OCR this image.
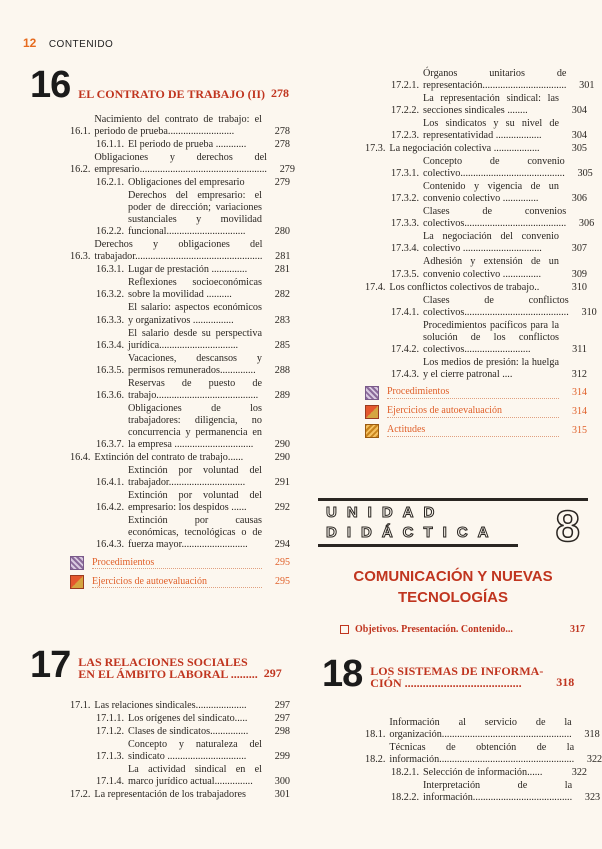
12 CONTENIDO
16 EL CONTRATO DE TRABAJO (II) 278
16.1.
Nacimiento del contrato de trabajo: el periodo de prueba..........................	278
16.1.1. El periodo de prueba ............	278
16.2.
Obligaciones y derechos del empresario..................................................	279
16.2.1. Obligaciones del empresario	279
16.2.2.
Derechos del empresario: el poder de dirección; variaciones sustanciales y movilidad funcional...............................	280
16.3.
Derechos y obligaciones del trabajador..................................................	281
16.3.1. Lugar de prestación ..............	281
16.3.2.
Reflexiones socioeconómicas sobre la movilidad ..........	282
16.3.3.
El salario: aspectos económicos y organizativos ................	283
16.3.4.
El salario desde su perspectiva jurídica...............................	285
16.3.5.
Vacaciones, descansos y permisos remunerados..............	288
16.3.6.
Reservas de puesto de trabajo........................................	289
16.3.7.
Obligaciones de los trabajadores: diligencia, no concurrencia y permanencia en la empresa ...............................	290
16.4. Extinción del contrato de trabajo......	290
16.4.1.
Extinción por voluntad del trabajador..............................	291
16.4.2.
Extinción por voluntad del empresario: los despidos ......	292
16.4.3.
Extinción por causas económicas, tecnológicas o de fuerza mayor..........................	294
Procedimientos	295
Ejercicios de autoevaluación	295
17 LAS RELACIONES SOCIALES
EN EL ÁMBITO LABORAL ......... 297
17.1. Las relaciones sindicales....................	297
17.1.1. Los orígenes del sindicato.....	297
17.1.2. Clases de sindicatos...............	298
17.1.3.
Concepto y naturaleza del sindicato ...............................	299
17.1.4.
La actividad sindical en el marco jurídico actual...............	300
17.2. La representación de los trabajadores	301
17.2.1.
Órganos unitarios de representación.................................	301
17.2.2.
La representación sindical: las secciones sindicales ........	304
17.2.3.
Los sindicatos y su nivel de representatividad ..................	304
17.3. La negociación colectiva ..................	305
17.3.1.
Concepto de convenio colectivo.........................................	305
17.3.2.
Contenido y vigencia de un convenio colectivo ..............	306
17.3.3.
Clases de convenios colectivos........................................	306
17.3.4.
La negociación del convenio colectivo ...............................	307
17.3.5.
Adhesión y extensión de un convenio colectivo ...............	309
17.4. Los conflictos colectivos de trabajo..	310
17.4.1.
Clases de conflictos colectivos.........................................	310
17.4.2.
Procedimientos pacíficos para la solución de los conflictos colectivos..........................	311
17.4.3.
Los medios de presión: la huelga y el cierre patronal ....	312
Procedimientos	314
Ejercicios de autoevaluación	314
Actitudes	315
UNIDAD
DIDÁCTICA 8
COMUNICACIÓN Y NUEVAS
TECNOLOGÍAS
Objetivos. Presentación. Contenido...	317
18 LOS SISTEMAS DE INFORMA-
CIÓN .......................................	318
18.1.
Información al servicio de la organización...................................................	318
18.2.
Técnicas de obtención de la información.....................................................	322
18.2.1. Selección de información......	322
18.2.2.
Interpretación de la información.......................................	323
